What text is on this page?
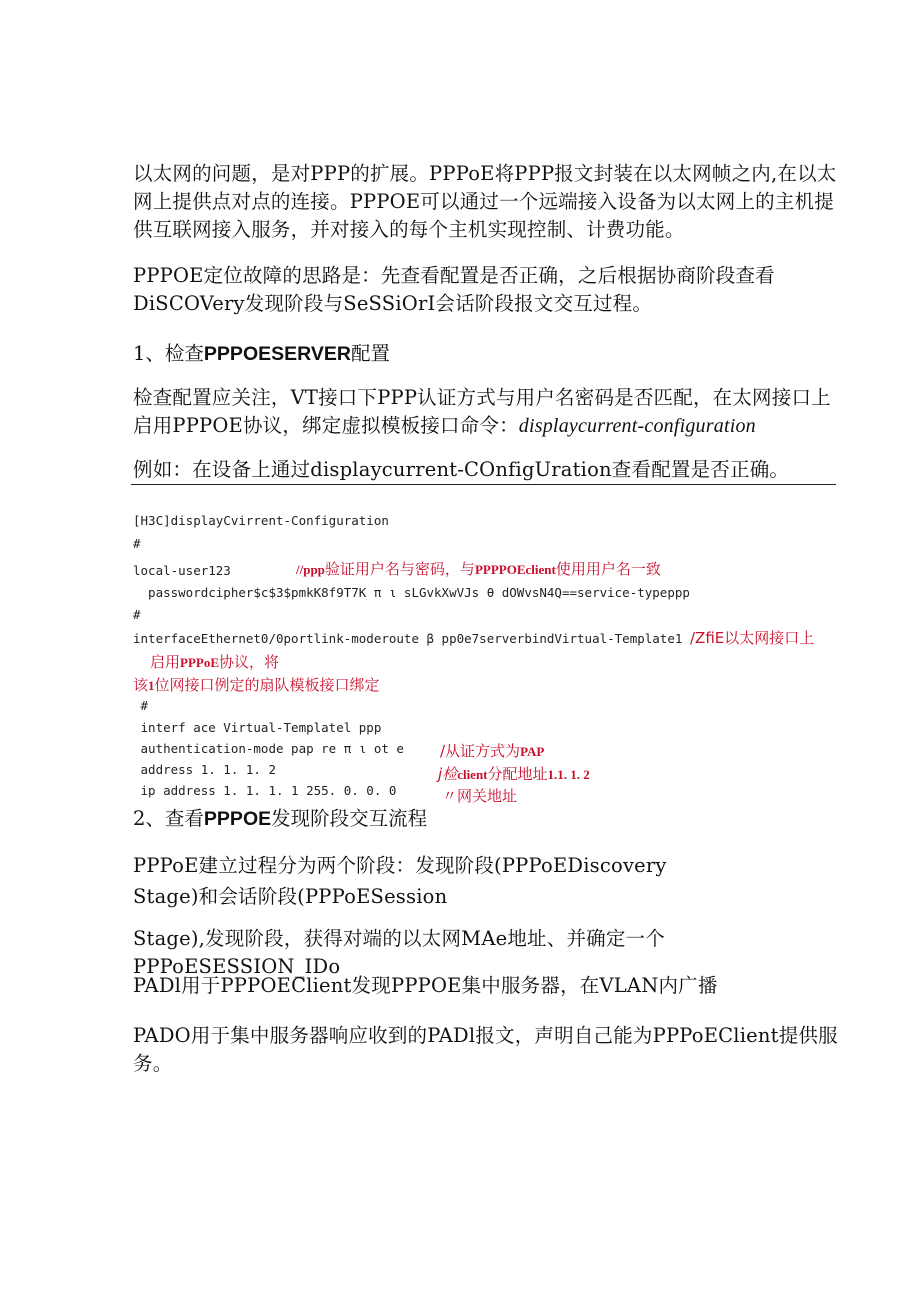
以太网的问题，是对PPP的扩展。PPPoE将PPP报文封装在以太网帧之内,在以太网上提供点对点的连接。PPPOE可以通过一个远端接入设备为以太网上的主机提供互联网接入服务，并对接入的每个主机实现控制、计费功能。

PPPOE定位故障的思路是：先查看配置是否正确，之后根据协商阶段查看DiSCOVery发现阶段与SeSSiOrI会话阶段报文交互过程。

1、检查PPPOESERVER配置

检查配置应关注，VT接口下PPP认证方式与用户名密码是否匹配，在太网接口上启用PPPOE协议，绑定虚拟模板接口命令：displaycurrent-configuration

例如：在设备上通过displaycurrent-COnfigUration查看配置是否正确。

[H3C]displayCvirrent-Configuration
#
local-user123
passwordcipher$c$3$pmkK8f9T7K π ι sLGvkXwVJs θ dOWvsN4Q==service-typeppp
#
interfaceEthernet0/0portlink-moderoute β pp0e7serverbindVirtual-Template1
#
interf ace Virtual-Templatel ppp
authentication-mode pap re π ι ot e
address 1. 1. 1. 2
ip address 1. 1. 1. 1 255. 0. 0. 0
//ppp验证用户名与密码，与PPPPOEclient使用用户名一致
/ZfiE以太网接口上
启用PPPoE协议，将
该1位网接口例定的扇队模板接口绑定
/从证方式为PAP
j检client分配地址1.1. 1. 2
〃网关地址

2、查看PPPOE发现阶段交互流程

PPPoE建立过程分为两个阶段：发现阶段(PPPoEDiscovery

Stage)和会话阶段(PPPoESession

Stage),发现阶段，获得对端的以太网MAe地址、并确定一个PPPoESESSION_IDo

PADl用于PPPOEClient发现PPPOE集中服务器，在VLAN内广播

PADO用于集中服务器响应收到的PADl报文，声明自己能为PPPoEClient提供服务。
